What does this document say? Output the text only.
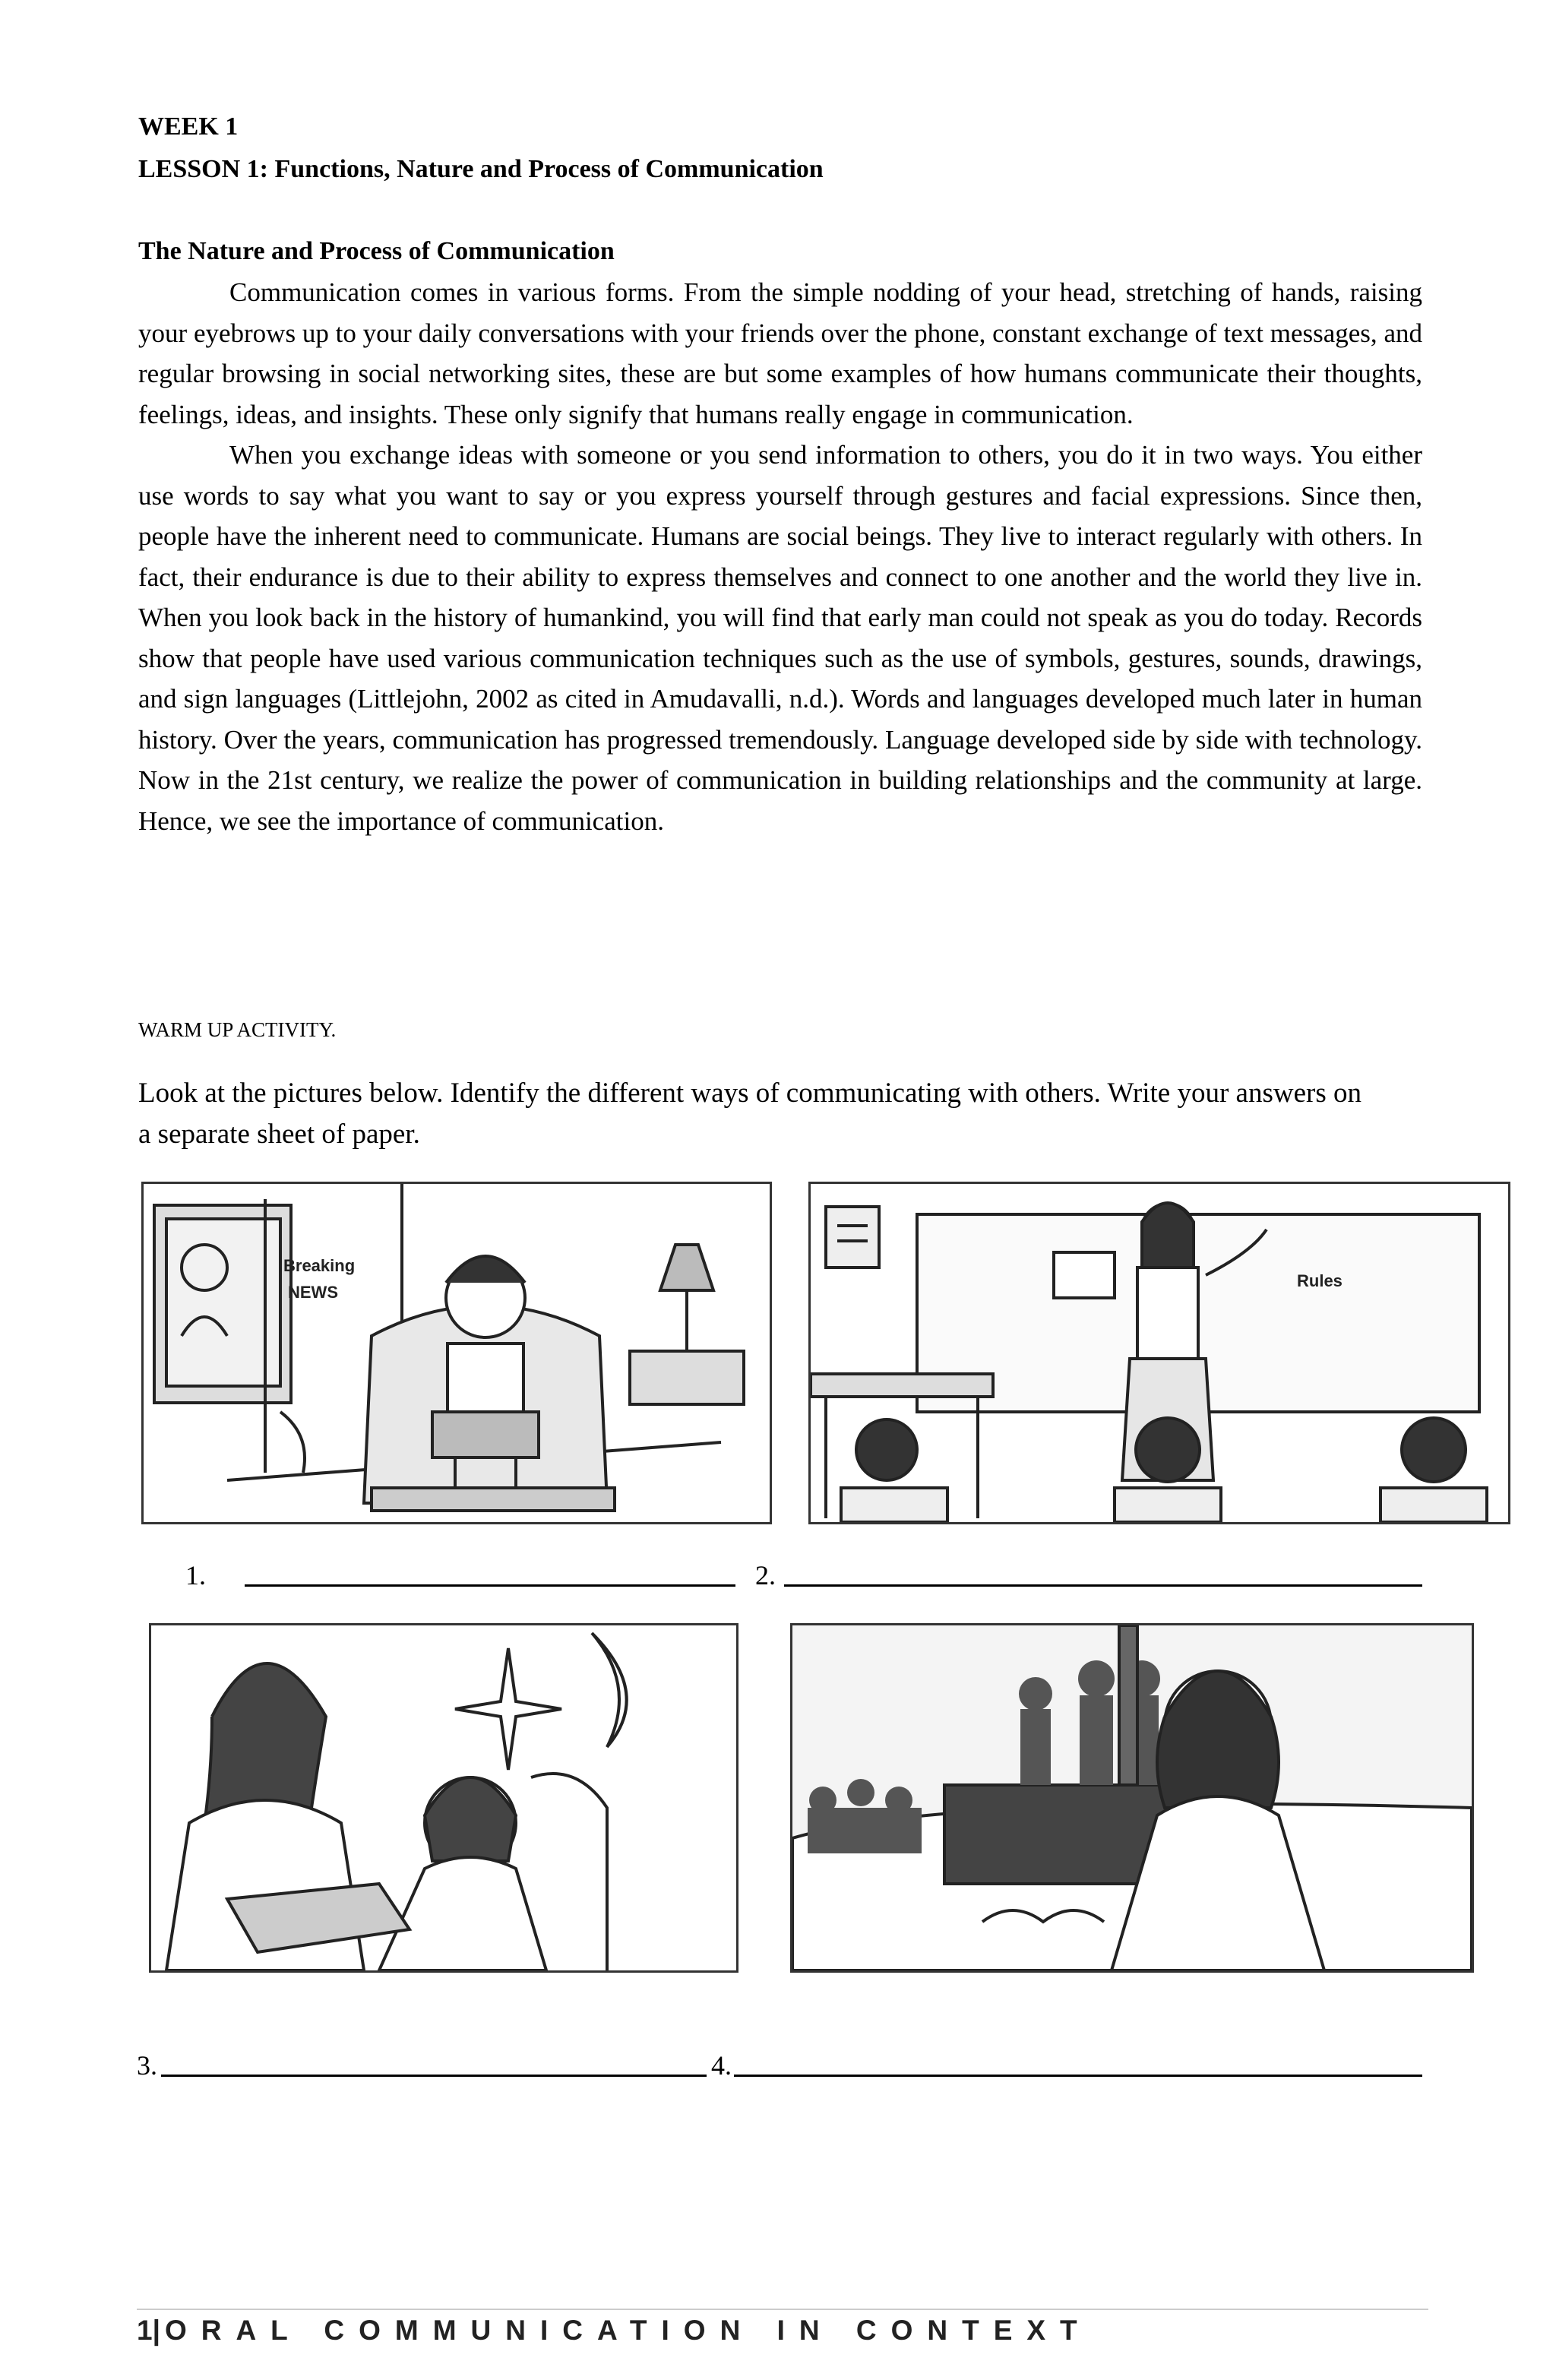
WEEK 1
LESSON 1: Functions, Nature and Process of Communication
The Nature and Process of Communication

Communication comes in various forms. From the simple nodding of your head, stretching of hands, raising your eyebrows up to your daily conversations with your friends over the phone, constant exchange of text messages, and regular browsing in social networking sites, these are but some examples of how humans communicate their thoughts, feelings, ideas, and insights. These only signify that humans really engage in communication.

When you exchange ideas with someone or you send information to others, you do it in two ways. You either use words to say what you want to say or you express yourself through gestures and facial expressions. Since then, people have the inherent need to communicate. Humans are social beings. They live to interact regularly with others. In fact, their endurance is due to their ability to express themselves and connect to one another and the world they live in. When you look back in the history of humankind, you will find that early man could not speak as you do today. Records show that people have used various communication techniques such as the use of symbols, gestures, sounds, drawings, and sign languages (Littlejohn, 2002 as cited in Amudavalli, n.d.). Words and languages developed much later in human history. Over the years, communication has progressed tremendously. Language developed side by side with technology. Now in the 21st century, we realize the power of communication in building relationships and the community at large. Hence, we see the importance of communication.

WARM UP ACTIVITY.
Look at the pictures below. Identify the different ways of communicating with others. Write your answers on a separate sheet of paper.
Breaking
NEWS
Rules
1.	2.
3.	4.
1| ORAL COMMUNICATION IN CONTEXT
